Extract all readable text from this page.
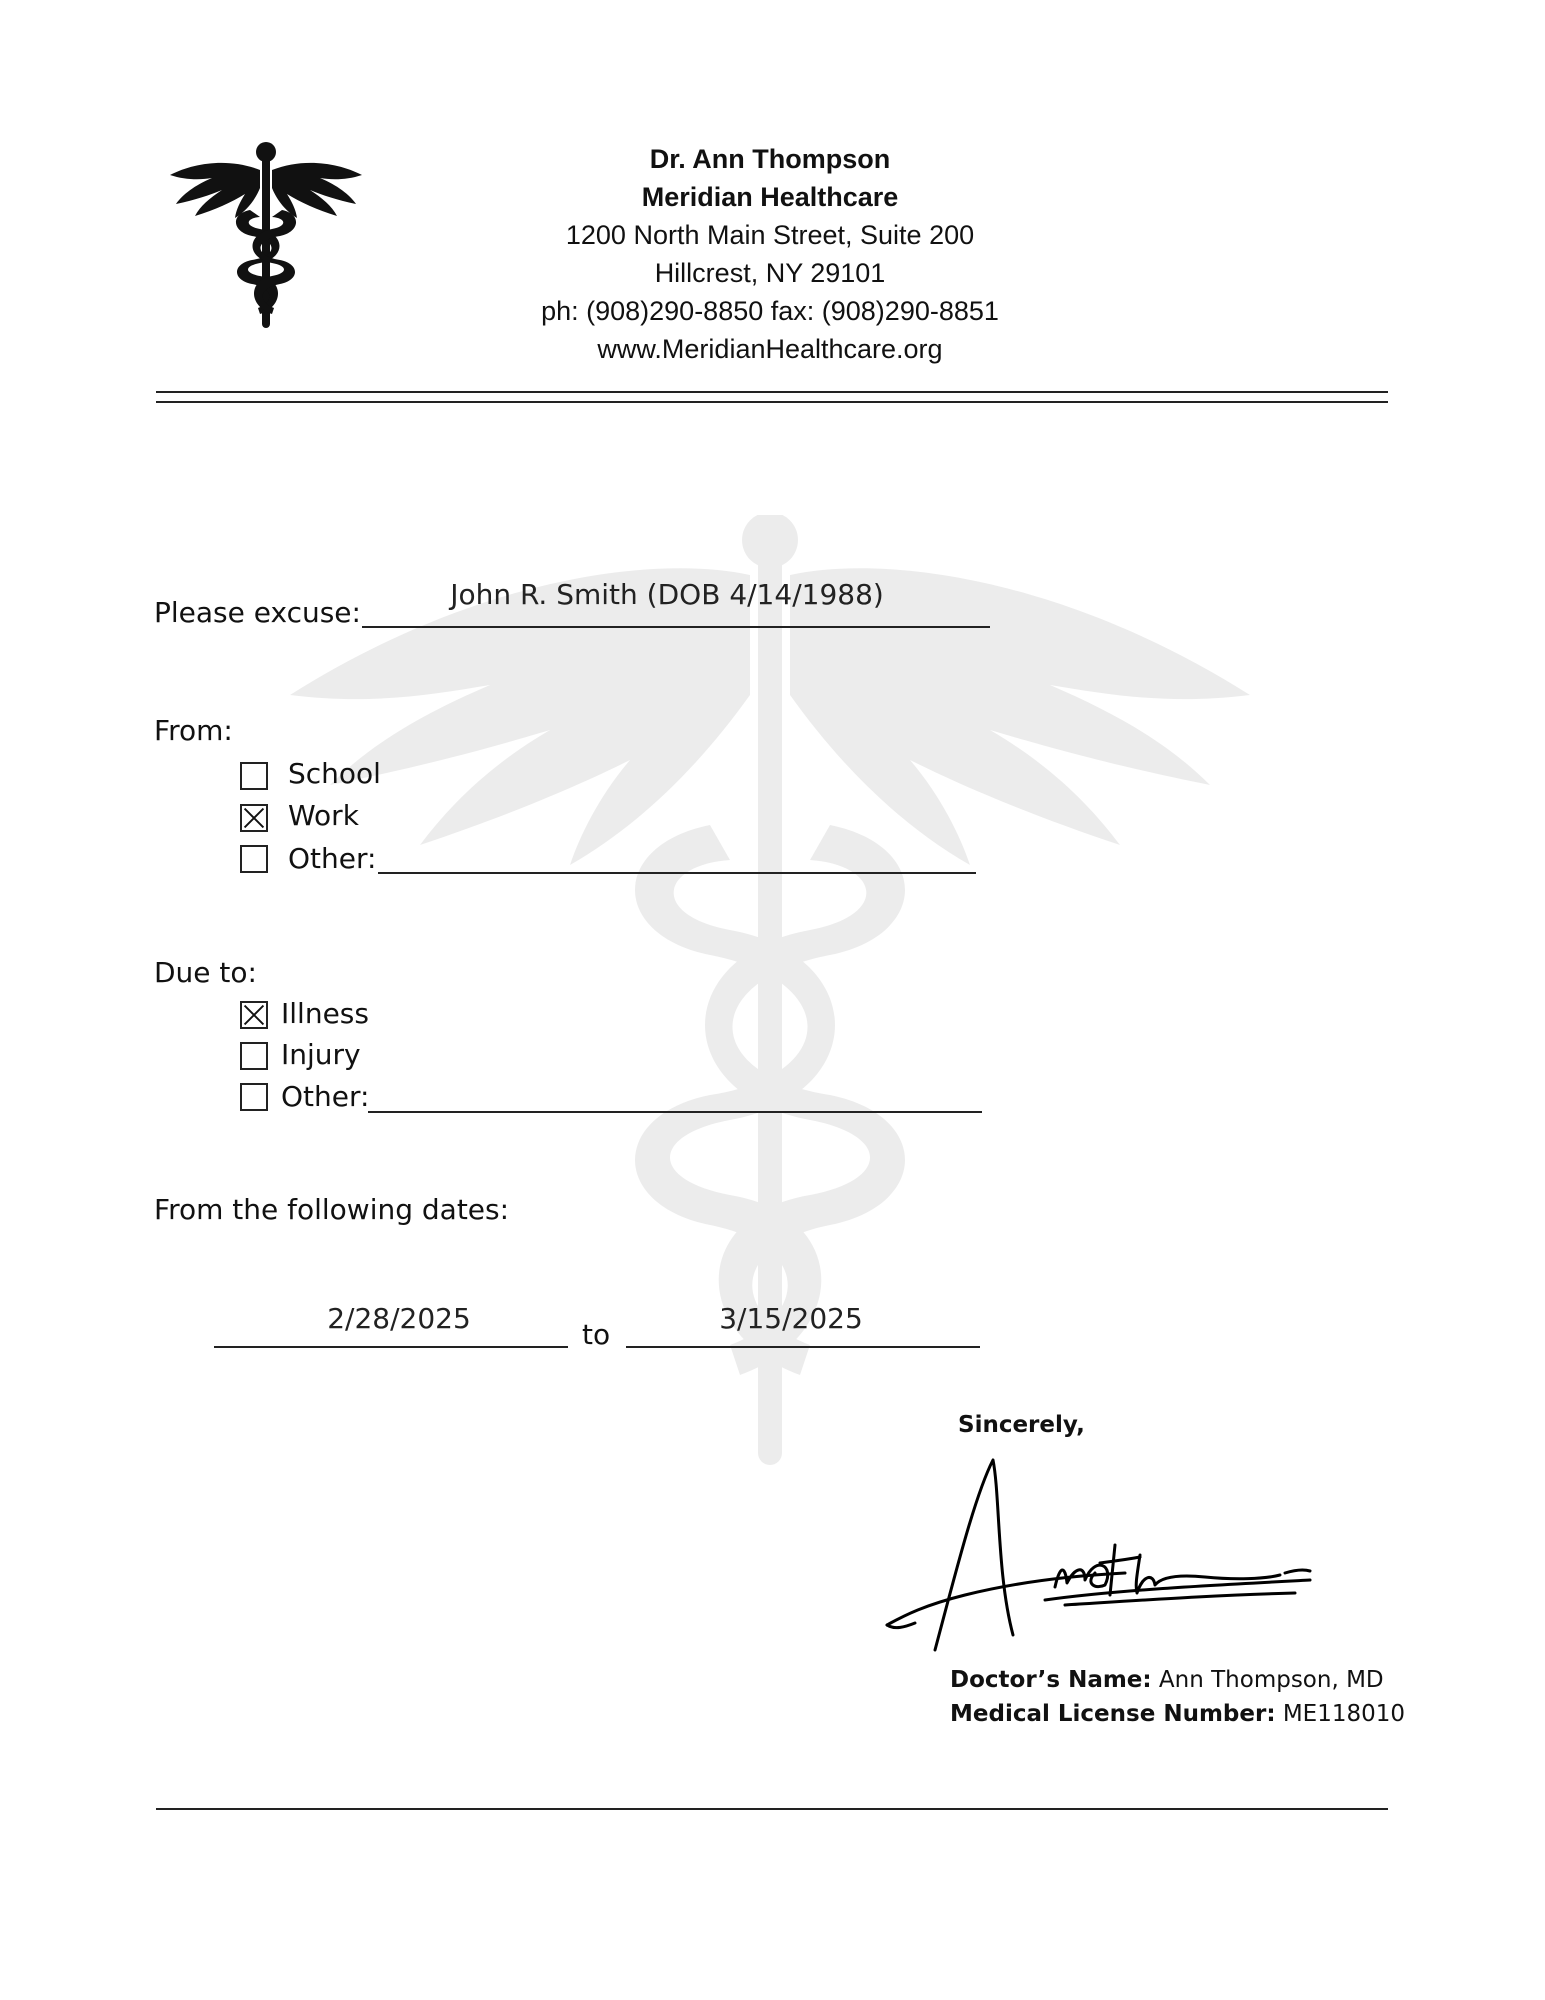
Dr. Ann Thompson
Meridian Healthcare
1200 North Main Street, Suite 200
Hillcrest, NY 29101
ph: (908)290-8850 fax: (908)290-8851
www.MeridianHealthcare.org
Please excuse:
John R. Smith (DOB 4/14/1988)
From:
School
Work
Other:
Due to:
Illness
Injury
Other:
From the following dates:
2/28/2025	to	3/15/2025
Sincerely,
Doctor’s Name: Ann Thompson, MD
Medical License Number: ME118010
